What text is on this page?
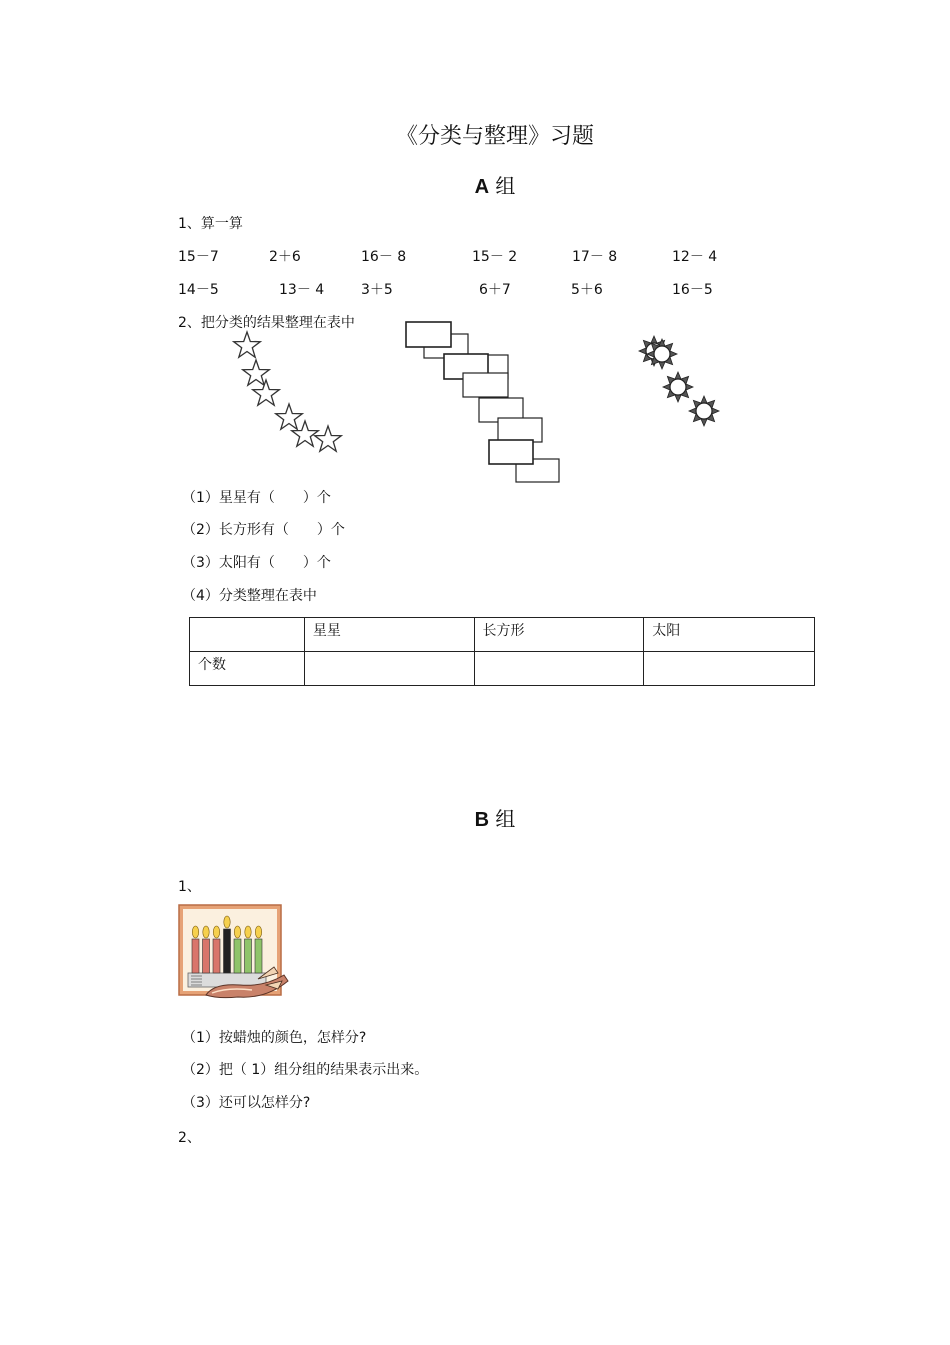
《分类与整理》习题
A 组
1、算一算
15－7	2＋6	16－ 8	15－ 2	17－ 8	12－ 4
14－5	13－ 4	3＋5	6＋7	5＋6	16－5
2、把分类的结果整理在表中
（1）星星有（　　）个
（2）长方形有（　　）个
（3）太阳有（　　）个
（4）分类整理在表中
	星星	长方形	太阳
个数			
B 组
1、
（1）按蜡烛的颜色，怎样分?
（2）把（ 1）组分组的结果表示出来。
（3）还可以怎样分?
2、
